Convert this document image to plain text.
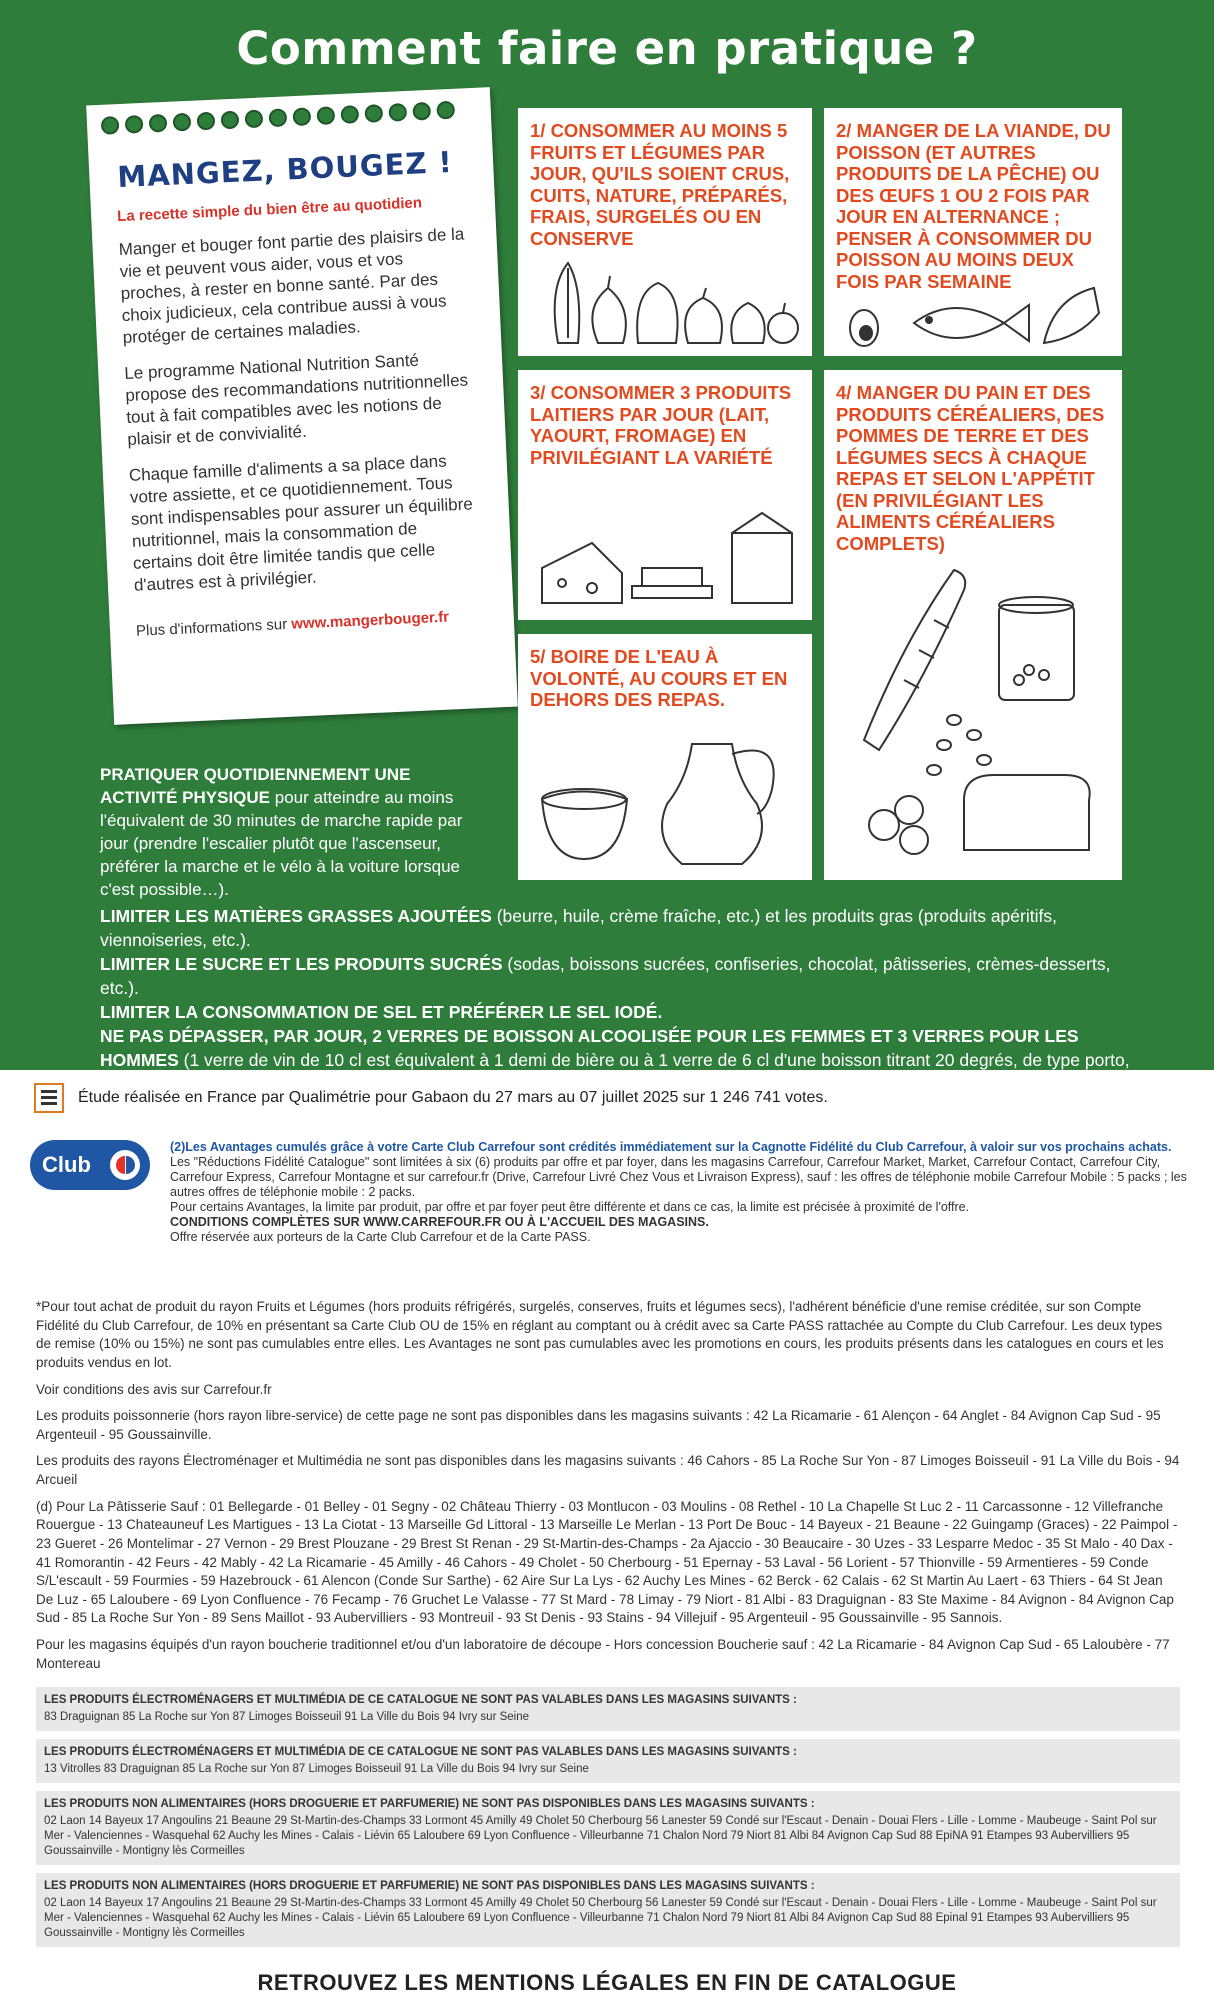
Comment faire en pratique ?
MANGEZ, BOUGEZ !
La recette simple du bien être au quotidien

Manger et bouger font partie des plaisirs de la vie et peuvent vous aider, vous et vos proches, à rester en bonne santé. Par des choix judicieux, cela contribue aussi à vous protéger de certaines maladies.

Le programme National Nutrition Santé propose des recommandations nutritionnelles tout à fait compatibles avec les notions de plaisir et de convivialité.

Chaque famille d'aliments a sa place dans votre assiette, et ce quotidiennement. Tous sont indispensables pour assurer un équilibre nutritionnel, mais la consommation de certains doit être limitée tandis que celle d'autres est à privilégier.

Plus d'informations sur www.mangerbouger.fr
1/ CONSOMMER AU MOINS 5 FRUITS ET LÉGUMES PAR JOUR, QU'ILS SOIENT CRUS, CUITS, NATURE, PRÉPARÉS, FRAIS, SURGELÉS OU EN CONSERVE
2/ MANGER DE LA VIANDE, DU POISSON (ET AUTRES PRODUITS DE LA PÊCHE) OU DES ŒUFS 1 OU 2 FOIS PAR JOUR EN ALTERNANCE ; PENSER À CONSOMMER DU POISSON AU MOINS DEUX FOIS PAR SEMAINE
3/ CONSOMMER 3 PRODUITS LAITIERS PAR JOUR (LAIT, YAOURT, FROMAGE) EN PRIVILÉGIANT LA VARIÉTÉ
4/ MANGER DU PAIN ET DES PRODUITS CÉRÉALIERS, DES POMMES DE TERRE ET DES LÉGUMES SECS À CHAQUE REPAS ET SELON L'APPÉTIT (EN PRIVILÉGIANT LES ALIMENTS CÉRÉALIERS COMPLETS)
5/ BOIRE DE L'EAU À VOLONTÉ, AU COURS ET EN DEHORS DES REPAS.
PRATIQUER QUOTIDIENNEMENT UNE ACTIVITÉ PHYSIQUE pour atteindre au moins l'équivalent de 30 minutes de marche rapide par jour (prendre l'escalier plutôt que l'ascenseur, préférer la marche et le vélo à la voiture lorsque c'est possible…).
LIMITER LES MATIÈRES GRASSES AJOUTÉES (beurre, huile, crème fraîche, etc.) et les produits gras (produits apéritifs, viennoiseries, etc.).
LIMITER LE SUCRE ET LES PRODUITS SUCRÉS (sodas, boissons sucrées, confiseries, chocolat, pâtisseries, crèmes-desserts, etc.).
LIMITER LA CONSOMMATION DE SEL ET PRÉFÉRER LE SEL IODÉ.
NE PAS DÉPASSER, PAR JOUR, 2 VERRES DE BOISSON ALCOOLISÉE POUR LES FEMMES ET 3 VERRES POUR LES HOMMES (1 verre de vin de 10 cl est équivalent à 1 demi de bière ou à 1 verre de 6 cl d'une boisson titrant 20 degrés, de type porto, ou de 3 cl d'une boisson titrant 40 à 45 degrés d'alcool, de type whisky ou pastis).
Étude réalisée en France par Qualimétrie pour Gabaon du 27 mars au 07 juillet 2025 sur 1 246 741 votes.
Club
(2)Les Avantages cumulés grâce à votre Carte Club Carrefour sont crédités immédiatement sur la Cagnotte Fidélité du Club Carrefour, à valoir sur vos prochains achats.
Les "Réductions Fidélité Catalogue" sont limitées à six (6) produits par offre et par foyer, dans les magasins Carrefour, Carrefour Market, Market, Carrefour Contact, Carrefour City, Carrefour Express, Carrefour Montagne et sur carrefour.fr (Drive, Carrefour Livré Chez Vous et Livraison Express), sauf : les offres de téléphonie mobile Carrefour Mobile : 5 packs ; les autres offres de téléphonie mobile : 2 packs.
Pour certains Avantages, la limite par produit, par offre et par foyer peut être différente et dans ce cas, la limite est précisée à proximité de l'offre.
CONDITIONS COMPLÈTES SUR WWW.CARREFOUR.FR OU À L'ACCUEIL DES MAGASINS.
Offre réservée aux porteurs de la Carte Club Carrefour et de la Carte PASS.

*Pour tout achat de produit du rayon Fruits et Légumes (hors produits réfrigérés, surgelés, conserves, fruits et légumes secs), l'adhérent bénéficie d'une remise créditée, sur son Compte Fidélité du Club Carrefour, de 10% en présentant sa Carte Club OU de 15% en réglant au comptant ou à crédit avec sa Carte PASS rattachée au Compte du Club Carrefour. Les deux types de remise (10% ou 15%) ne sont pas cumulables entre elles. Les Avantages ne sont pas cumulables avec les promotions en cours, les produits présents dans les catalogues en cours et les produits vendus en lot.

Voir conditions des avis sur Carrefour.fr

Les produits poissonnerie (hors rayon libre-service) de cette page ne sont pas disponibles dans les magasins suivants : 42 La Ricamarie - 61 Alençon - 64 Anglet - 84 Avignon Cap Sud - 95 Argenteuil - 95 Goussainville.

Les produits des rayons Électroménager et Multimédia ne sont pas disponibles dans les magasins suivants : 46 Cahors - 85 La Roche Sur Yon - 87 Limoges Boisseuil - 91 La Ville du Bois - 94 Arcueil

(d) Pour La Pâtisserie Sauf : 01 Bellegarde - 01 Belley - 01 Segny - 02 Château Thierry - 03 Montlucon - 03 Moulins - 08 Rethel - 10 La Chapelle St Luc 2 - 11 Carcassonne - 12 Villefranche Rouergue - 13 Chateauneuf Les Martigues - 13 La Ciotat - 13 Marseille Gd Littoral - 13 Marseille Le Merlan - 13 Port De Bouc - 14 Bayeux - 21 Beaune - 22 Guingamp (Graces) - 22 Paimpol - 23 Gueret - 26 Montelimar - 27 Vernon - 29 Brest Plouzane - 29 Brest St Renan - 29 St-Martin-des-Champs - 2a Ajaccio - 30 Beaucaire - 30 Uzes - 33 Lesparre Medoc - 35 St Malo - 40 Dax - 41 Romorantin - 42 Feurs - 42 Mably - 42 La Ricamarie - 45 Amilly - 46 Cahors - 49 Cholet - 50 Cherbourg - 51 Epernay - 53 Laval - 56 Lorient - 57 Thionville - 59 Armentieres - 59 Conde S/L'escault - 59 Fourmies - 59 Hazebrouck - 61 Alencon (Conde Sur Sarthe) - 62 Aire Sur La Lys - 62 Auchy Les Mines - 62 Berck - 62 Calais - 62 St Martin Au Laert - 63 Thiers - 64 St Jean De Luz - 65 Laloubere - 69 Lyon Confluence - 76 Fecamp - 76 Gruchet Le Valasse - 77 St Mard - 78 Limay - 79 Niort - 81 Albi - 83 Draguignan - 83 Ste Maxime - 84 Avignon - 84 Avignon Cap Sud - 85 La Roche Sur Yon - 89 Sens Maillot - 93 Aubervilliers - 93 Montreuil - 93 St Denis - 93 Stains - 94 Villejuif - 95 Argenteuil - 95 Goussainville - 95 Sannois.

Pour les magasins équipés d'un rayon boucherie traditionnel et/ou d'un laboratoire de découpe - Hors concession Boucherie sauf : 42 La Ricamarie - 84 Avignon Cap Sud - 65 Laloubère - 77 Montereau

LES PRODUITS ÉLECTROMÉNAGERS ET MULTIMÉDIA DE CE CATALOGUE NE SONT PAS VALABLES DANS LES MAGASINS SUIVANTS :
83 Draguignan 85 La Roche sur Yon 87 Limoges Boisseuil 91 La Ville du Bois 94 Ivry sur Seine
LES PRODUITS ÉLECTROMÉNAGERS ET MULTIMÉDIA DE CE CATALOGUE NE SONT PAS VALABLES DANS LES MAGASINS SUIVANTS :
13 Vitrolles 83 Draguignan 85 La Roche sur Yon 87 Limoges Boisseuil 91 La Ville du Bois 94 Ivry sur Seine
LES PRODUITS NON ALIMENTAIRES (HORS DROGUERIE ET PARFUMERIE) NE SONT PAS DISPONIBLES DANS LES MAGASINS SUIVANTS :
02 Laon 14 Bayeux 17 Angoulins 21 Beaune 29 St-Martin-des-Champs 33 Lormont 45 Amilly 49 Cholet 50 Cherbourg 56 Lanester 59 Condé sur l'Escaut - Denain - Douai Flers - Lille - Lomme - Maubeuge - Saint Pol sur Mer - Valenciennes - Wasquehal 62 Auchy les Mines - Calais - Liévin 65 Laloubere 69 Lyon Confluence - Villeurbanne 71 Chalon Nord 79 Niort 81 Albi 84 Avignon Cap Sud 88 EpiNA 91 Etampes 93 Aubervilliers 95 Goussainville - Montigny lès Cormeilles
LES PRODUITS NON ALIMENTAIRES (HORS DROGUERIE ET PARFUMERIE) NE SONT PAS DISPONIBLES DANS LES MAGASINS SUIVANTS :
02 Laon 14 Bayeux 17 Angoulins 21 Beaune 29 St-Martin-des-Champs 33 Lormont 45 Amilly 49 Cholet 50 Cherbourg 56 Lanester 59 Condé sur l'Escaut - Denain - Douai Flers - Lille - Lomme - Maubeuge - Saint Pol sur Mer - Valenciennes - Wasquehal 62 Auchy les Mines - Calais - Liévin 65 Laloubere 69 Lyon Confluence - Villeurbanne 71 Chalon Nord 79 Niort 81 Albi 84 Avignon Cap Sud 88 Epinal 91 Etampes 93 Aubervilliers 95 Goussainville - Montigny lès Cormeilles
RETROUVEZ LES MENTIONS LÉGALES EN FIN DE CATALOGUE
